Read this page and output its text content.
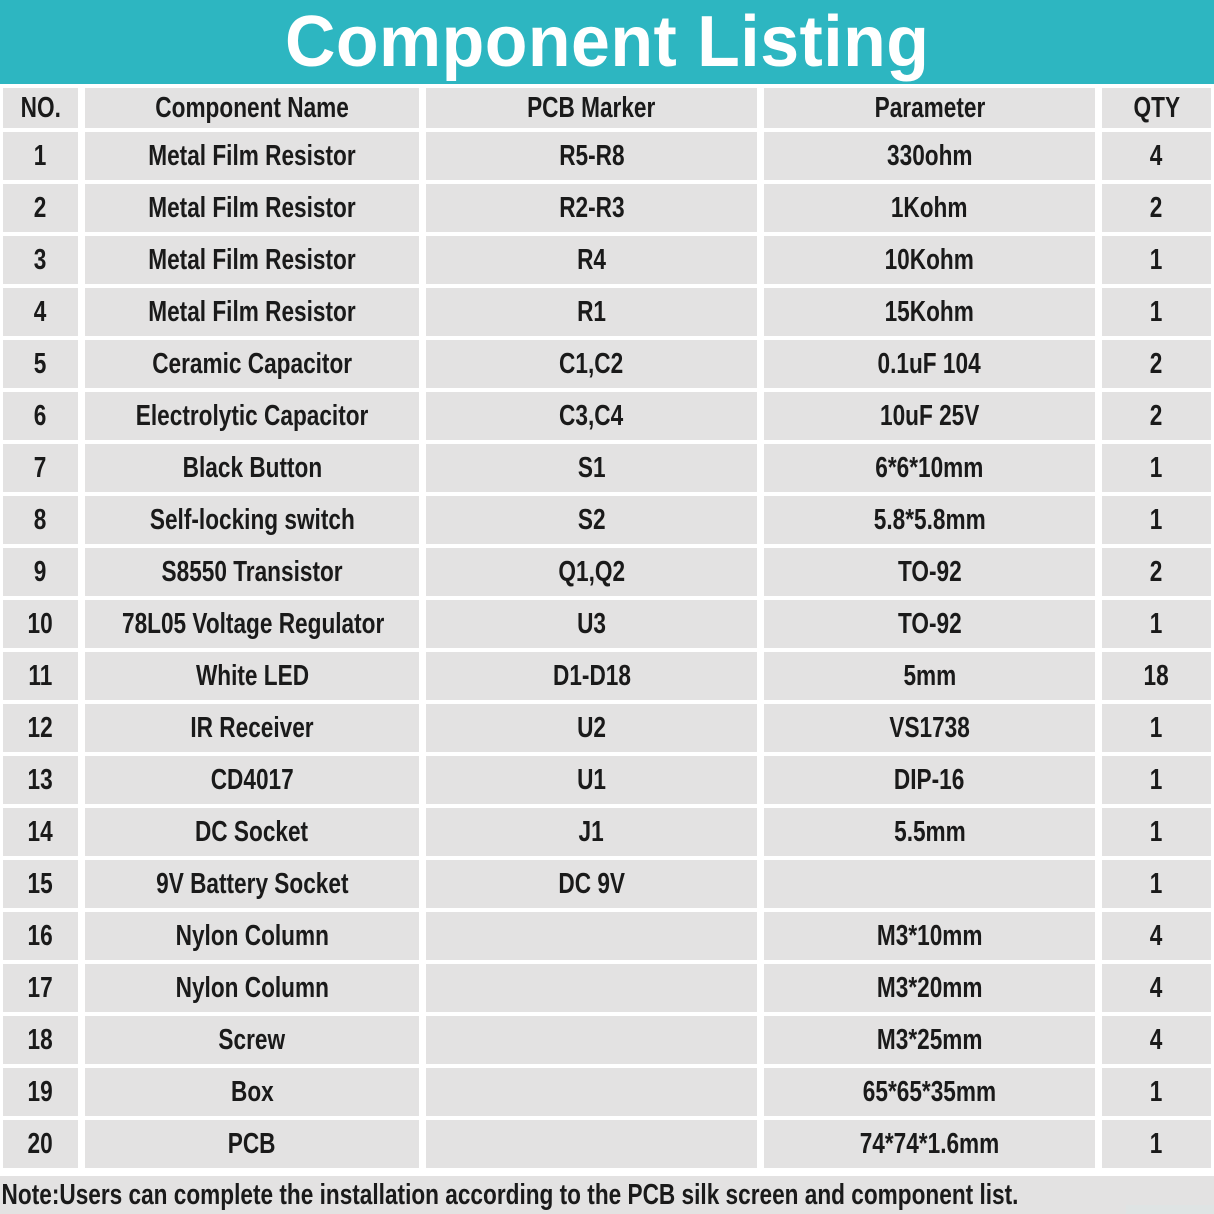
Component Listing
NO.	Component Name	PCB Marker	Parameter	QTY
1	Metal Film Resistor	R5-R8	330ohm	4
2	Metal Film Resistor	R2-R3	1Kohm	2
3	Metal Film Resistor	R4	10Kohm	1
4	Metal Film Resistor	R1	15Kohm	1
5	Ceramic Capacitor	C1,C2	0.1uF 104	2
6	Electrolytic Capacitor	C3,C4	10uF 25V	2
7	Black Button	S1	6*6*10mm	1
8	Self-locking switch	S2	5.8*5.8mm	1
9	S8550 Transistor	Q1,Q2	TO-92	2
10	78L05 Voltage Regulator	U3	TO-92	1
11	White LED	D1-D18	5mm	18
12	IR Receiver	U2	VS1738	1
13	CD4017	U1	DIP-16	1
14	DC Socket	J1	5.5mm	1
15	9V Battery Socket	DC 9V		1
16	Nylon Column		M3*10mm	4
17	Nylon Column		M3*20mm	4
18	Screw		M3*25mm	4
19	Box		65*65*35mm	1
20	PCB		74*74*1.6mm	1
Note:Users can complete the installation according to the PCB silk screen and component list.
